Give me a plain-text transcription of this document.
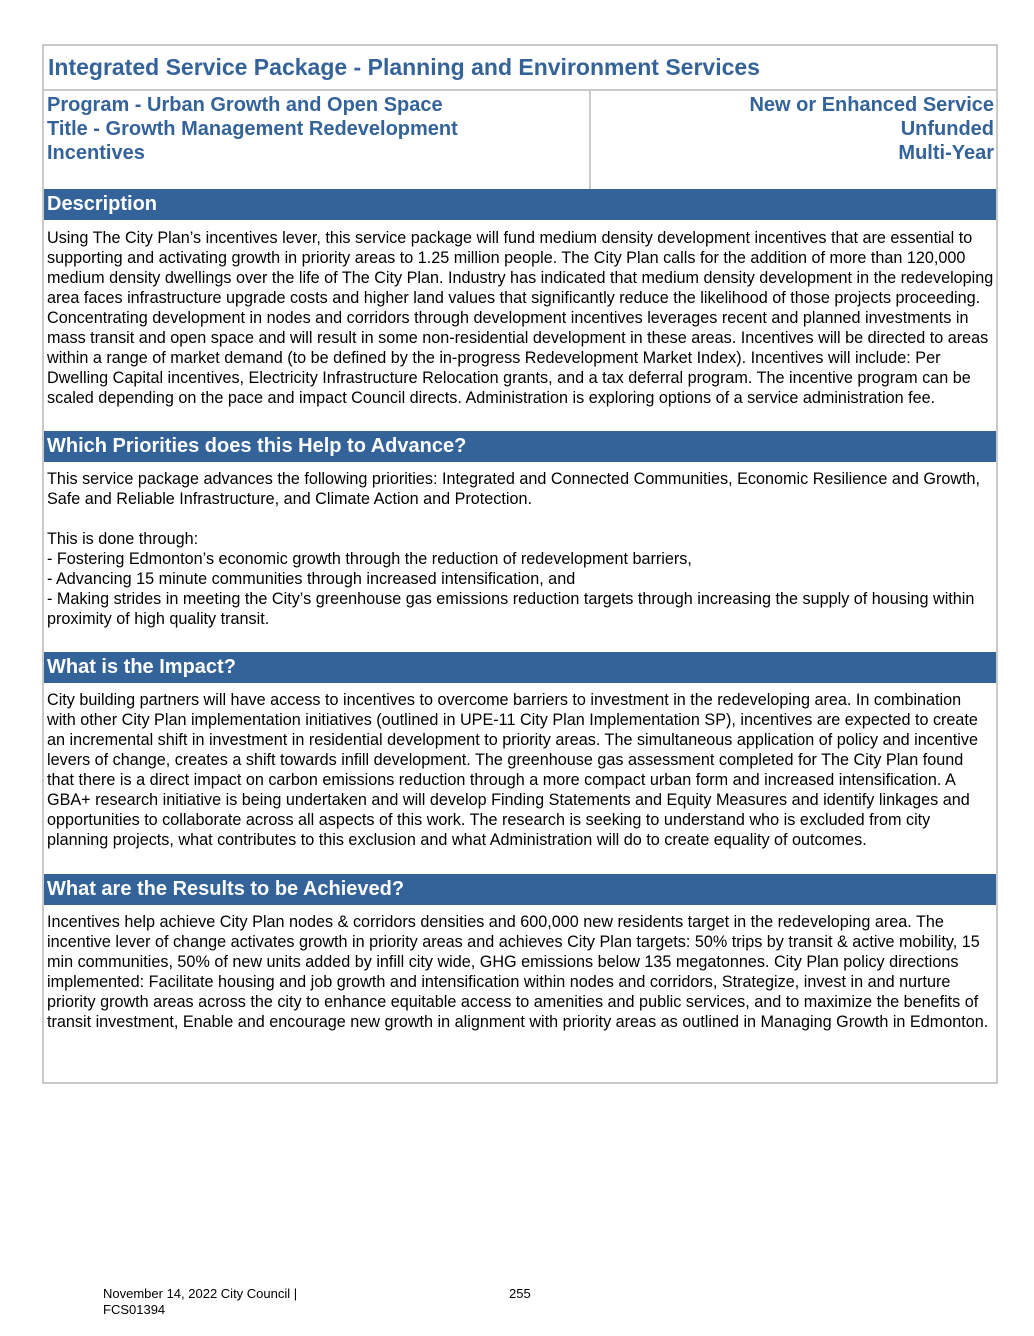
Integrated Service Package - Planning and Environment Services
Program - Urban Growth and Open Space
Title - Growth Management Redevelopment
Incentives
New or Enhanced Service
Unfunded
Multi-Year
Description

Using The City Plan’s incentives lever, this service package will fund medium density development incentives that are essential to supporting and activating growth in priority areas to 1.25 million people. The City Plan calls for the addition of more than 120,000 medium density dwellings over the life of The City Plan. Industry has indicated that medium density development in the redeveloping area faces infrastructure upgrade costs and higher land values that significantly reduce the likelihood of those projects proceeding. Concentrating development in nodes and corridors through development incentives leverages recent and planned investments in mass transit and open space and will result in some non-residential development in these areas. Incentives will be directed to areas within a range of market demand (to be defined by the in-progress Redevelopment Market Index). Incentives will include: Per Dwelling Capital incentives, Electricity Infrastructure Relocation grants, and a tax deferral program. The incentive program can be scaled depending on the pace and impact Council directs. Administration is exploring options of a service administration fee.

Which Priorities does this Help to Advance?

This service package advances the following priorities: Integrated and Connected Communities, Economic Resilience and Growth, Safe and Reliable Infrastructure, and Climate Action and Protection.

This is done through:

- Fostering Edmonton’s economic growth through the reduction of redevelopment barriers,

- Advancing 15 minute communities through increased intensification, and

- Making strides in meeting the City’s greenhouse gas emissions reduction targets through increasing the supply of housing within proximity of high quality transit.

What is the Impact?

City building partners will have access to incentives to overcome barriers to investment in the redeveloping area. In combination with other City Plan implementation initiatives (outlined in UPE-11 City Plan Implementation SP), incentives are expected to create an incremental shift in investment in residential development to priority areas. The simultaneous application of policy and incentive levers of change, creates a shift towards infill development. The greenhouse gas assessment completed for The City Plan found that there is a direct impact on carbon emissions reduction through a more compact urban form and increased intensification. A GBA+ research initiative is being undertaken and will develop Finding Statements and Equity Measures and identify linkages and opportunities to collaborate across all aspects of this work. The research is seeking to understand who is excluded from city planning projects, what contributes to this exclusion and what Administration will do to create equality of outcomes.

What are the Results to be Achieved?

Incentives help achieve City Plan nodes & corridors densities and 600,000 new residents target in the redeveloping area. The incentive lever of change activates growth in priority areas and achieves City Plan targets: 50% trips by transit & active mobility, 15 min communities, 50% of new units added by infill city wide, GHG emissions below 135 megatonnes. City Plan policy directions implemented: Facilitate housing and job growth and intensification within nodes and corridors, Strategize, invest in and nurture priority growth areas across the city to enhance equitable access to amenities and public services, and to maximize the benefits of transit investment, Enable and encourage new growth in alignment with priority areas as outlined in Managing Growth in Edmonton.

November 14, 2022 City Council |
FCS01394
255
